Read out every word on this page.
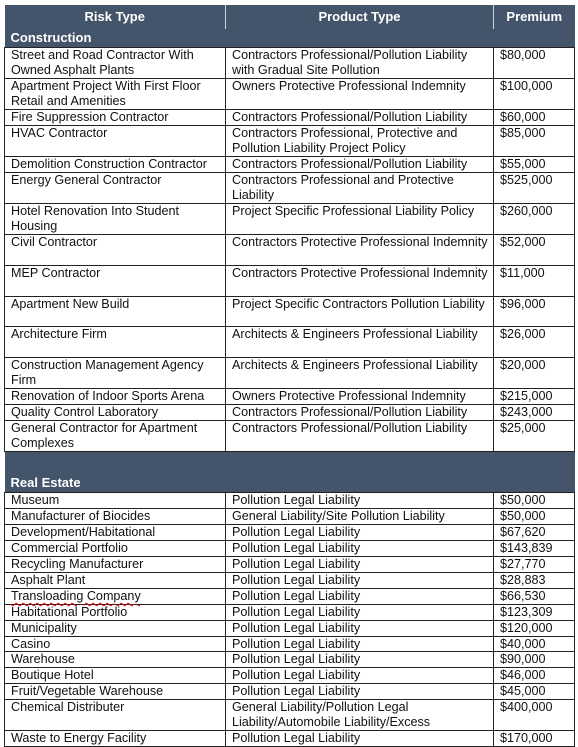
Risk Type	Product Type	Premium
Construction		
Street and Road Contractor With Owned Asphalt Plants	Contractors Professional/Pollution Liability with Gradual Site Pollution	$80,000
Apartment Project With First Floor Retail and Amenities	Owners Protective Professional Indemnity	$100,000
Fire Suppression Contractor	Contractors Professional/Pollution Liability	$60,000
HVAC Contractor	Contractors Professional, Protective and Pollution Liability Project Policy	$85,000
Demolition Construction Contractor	Contractors Professional/Pollution Liability	$55,000
Energy General Contractor	Contractors Professional and Protective Liability	$525,000
Hotel Renovation Into Student Housing	Project Specific Professional Liability Policy	$260,000
Civil Contractor	Contractors Protective Professional Indemnity	$52,000
MEP Contractor	Contractors Protective Professional Indemnity	$11,000
Apartment New Build	Project Specific Contractors Pollution Liability	$96,000
Architecture Firm	Architects & Engineers Professional Liability	$26,000
Construction Management Agency Firm	Architects & Engineers Professional Liability	$20,000
Renovation of Indoor Sports Arena	Owners Protective Professional Indemnity	$215,000
Quality Control Laboratory	Contractors Professional/Pollution Liability	$243,000
General Contractor for Apartment Complexes	Contractors Professional/Pollution Liability	$25,000

Real Estate		
Museum	Pollution Legal Liability	$50,000
Manufacturer of Biocides	General Liability/Site Pollution Liability	$50,000
Development/Habitational	Pollution Legal Liability	$67,620
Commercial Portfolio	Pollution Legal Liability	$143,839
Recycling Manufacturer	Pollution Legal Liability	$27,770
Asphalt Plant	Pollution Legal Liability	$28,883
Transloading Company	Pollution Legal Liability	$66,530
Habitational Portfolio	Pollution Legal Liability	$123,309
Municipality	Pollution Legal Liability	$120,000
Casino	Pollution Legal Liability	$40,000
Warehouse	Pollution Legal Liability	$90,000
Boutique Hotel	Pollution Legal Liability	$46,000
Fruit/Vegetable Warehouse	Pollution Legal Liability	$45,000
Chemical Distributer	General Liability/Pollution Legal Liability/Automobile Liability/Excess	$400,000
Waste to Energy Facility	Pollution Legal Liability	$170,000
